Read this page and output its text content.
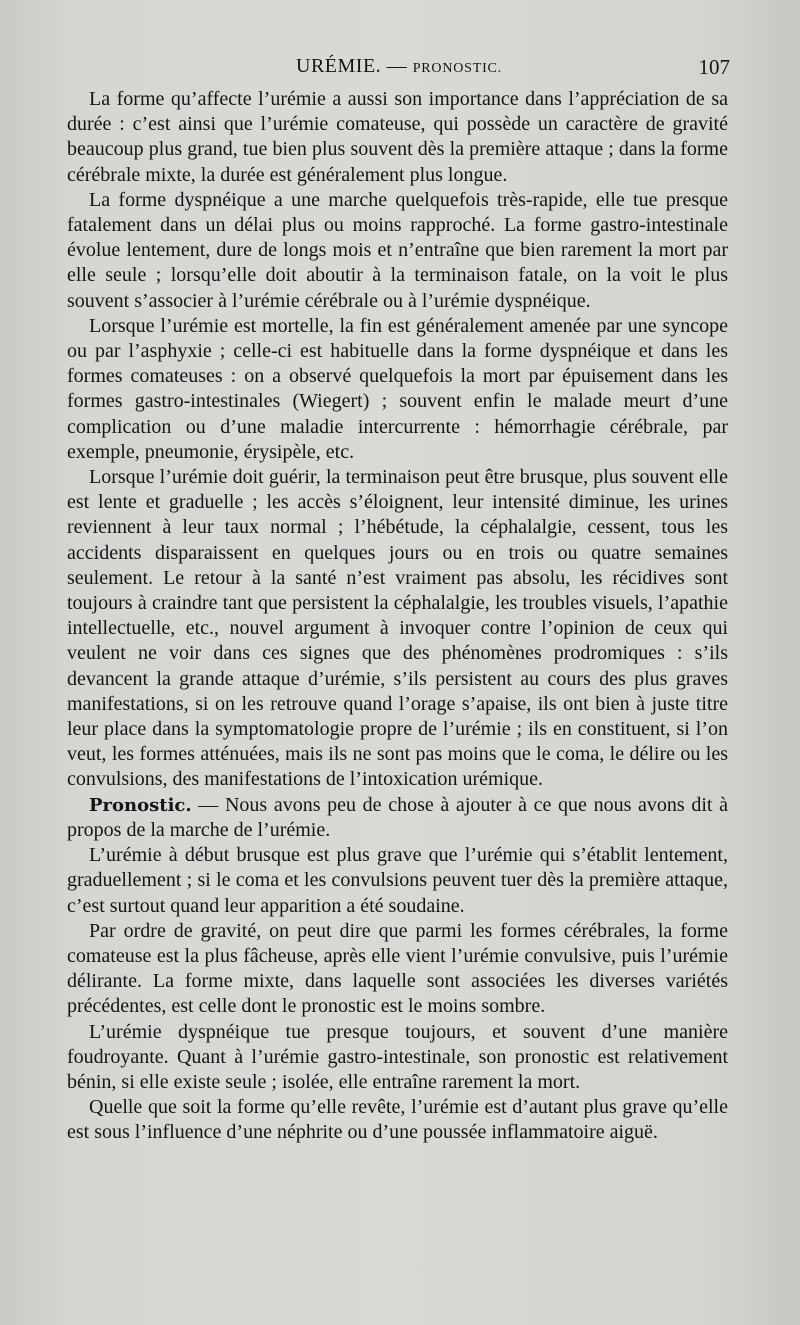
URÉMIE. — PRONOSTIC.	107

La forme qu’affecte l’urémie a aussi son importance dans l’appréciation de sa durée : c’est ainsi que l’urémie comateuse, qui possède un caractère de gravité beaucoup plus grand, tue bien plus souvent dès la première attaque ; dans la forme cérébrale mixte, la durée est généralement plus longue.

La forme dyspnéique a une marche quelquefois très-rapide, elle tue presque fatalement dans un délai plus ou moins rapproché. La forme gastro-intestinale évolue lentement, dure de longs mois et n’entraîne que bien rarement la mort par elle seule ; lorsqu’elle doit aboutir à la terminaison fatale, on la voit le plus souvent s’associer à l’urémie cérébrale ou à l’urémie dyspnéique.

Lorsque l’urémie est mortelle, la fin est généralement amenée par une syncope ou par l’asphyxie ; celle-ci est habituelle dans la forme dyspnéique et dans les formes comateuses : on a observé quelquefois la mort par épuisement dans les formes gastro-intestinales (Wiegert) ; souvent enfin le malade meurt d’une complication ou d’une maladie intercurrente : hémorrhagie cérébrale, par exemple, pneumonie, érysipèle, etc.

Lorsque l’urémie doit guérir, la terminaison peut être brusque, plus souvent elle est lente et graduelle ; les accès s’éloignent, leur intensité diminue, les urines reviennent à leur taux normal ; l’hébétude, la céphalalgie, cessent, tous les accidents disparaissent en quelques jours ou en trois ou quatre semaines seulement. Le retour à la santé n’est vraiment pas absolu, les récidives sont toujours à craindre tant que persistent la céphalalgie, les troubles visuels, l’apathie intellectuelle, etc., nouvel argument à invoquer contre l’opinion de ceux qui veulent ne voir dans ces signes que des phénomènes prodromiques : s’ils devancent la grande attaque d’urémie, s’ils persistent au cours des plus graves manifestations, si on les retrouve quand l’orage s’apaise, ils ont bien à juste titre leur place dans la symptomatologie propre de l’urémie ; ils en constituent, si l’on veut, les formes atténuées, mais ils ne sont pas moins que le coma, le délire ou les convulsions, des manifestations de l’intoxication urémique.

Pronostic. — Nous avons peu de chose à ajouter à ce que nous avons dit à propos de la marche de l’urémie.

L’urémie à début brusque est plus grave que l’urémie qui s’établit lentement, graduellement ; si le coma et les convulsions peuvent tuer dès la première attaque, c’est surtout quand leur apparition a été soudaine.

Par ordre de gravité, on peut dire que parmi les formes cérébrales, la forme comateuse est la plus fâcheuse, après elle vient l’urémie convulsive, puis l’urémie délirante. La forme mixte, dans laquelle sont associées les diverses variétés précédentes, est celle dont le pronostic est le moins sombre.

L’urémie dyspnéique tue presque toujours, et souvent d’une manière foudroyante. Quant à l’urémie gastro-intestinale, son pronostic est relativement bénin, si elle existe seule ; isolée, elle entraîne rarement la mort.

Quelle que soit la forme qu’elle revête, l’urémie est d’autant plus grave qu’elle est sous l’influence d’une néphrite ou d’une poussée inflammatoire aiguë.
